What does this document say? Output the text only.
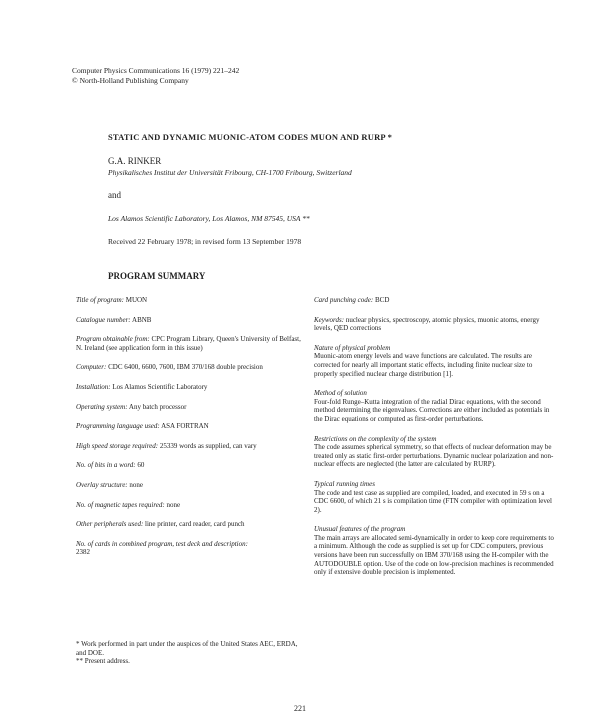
Computer Physics Communications 16 (1979) 221–242
© North-Holland Publishing Company
STATIC AND DYNAMIC MUONIC-ATOM CODES MUON AND RURP *
G.A. RINKER
Physikalisches Institut der Universität Fribourg, CH-1700 Fribourg, Switzerland
and
Los Alamos Scientific Laboratory, Los Alamos, NM 87545, USA **
Received 22 February 1978; in revised form 13 September 1978
PROGRAM SUMMARY
Title of program: MUON
Catalogue number: ABNB
Program obtainable from: CPC Program Library, Queen's University of Belfast, N. Ireland (see application form in this issue)
Computer: CDC 6400, 6600, 7600, IBM 370/168 double precision
Installation: Los Alamos Scientific Laboratory
Operating system: Any batch processor
Programming language used: ASA FORTRAN
High speed storage required: 25339 words as supplied, can vary
No. of bits in a word: 60
Overlay structure: none
No. of magnetic tapes required: none
Other peripherals used: line printer, card reader, card punch
No. of cards in combined program, test deck and description:
2382
Card punching code: BCD
Keywords: nuclear physics, spectroscopy, atomic physics, muonic atoms, energy levels, QED corrections
Nature of physical problem
Muonic-atom energy levels and wave functions are calculated. The results are corrected for nearly all important static effects, including finite nuclear size to properly specified nuclear charge distribution [1].
Method of solution
Four-fold Runge–Kutta integration of the radial Dirac equations, with the second method determining the eigenvalues. Corrections are either included as potentials in the Dirac equations or computed as first-order perturbations.
Restrictions on the complexity of the system
The code assumes spherical symmetry, so that effects of nuclear deformation may be treated only as static first-order perturbations. Dynamic nuclear polarization and non-nuclear effects are neglected (the latter are calculated by RURP).
Typical running times
The code and test case as supplied are compiled, loaded, and executed in 59 s on a CDC 6600, of which 21 s is compilation time (FTN compiler with optimization level 2).
Unusual features of the program
The main arrays are allocated semi-dynamically in order to keep core requirements to a minimum. Although the code as supplied is set up for CDC computers, previous versions have been run successfully on IBM 370/168 using the H-compiler with the AUTODOUBLE option. Use of the code on low-precision machines is recommended only if extensive double precision is implemented.
* Work performed in part under the auspices of the United States AEC, ERDA, and DOE.
** Present address.
221
